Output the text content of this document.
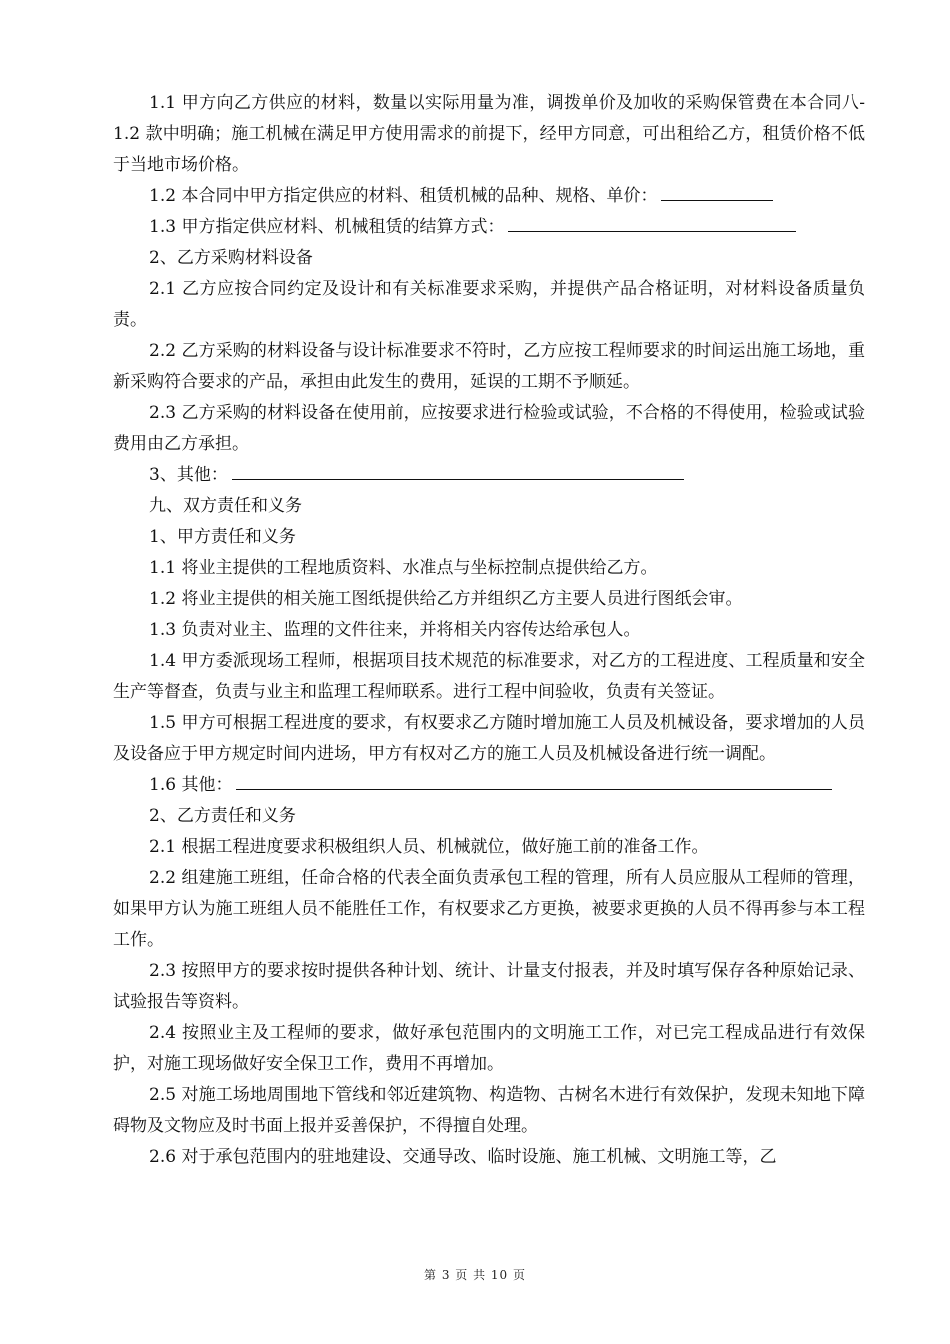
1.1 甲方向乙方供应的材料，数量以实际用量为准，调拨单价及加收的采购保管费在本合同八-1.2 款中明确；施工机械在满足甲方使用需求的前提下，经甲方同意，可出租给乙方，租赁价格不低于当地市场价格。

1.2 本合同中甲方指定供应的材料、租赁机械的品种、规格、单价：

1.3 甲方指定供应材料、机械租赁的结算方式：

2、乙方采购材料设备

2.1 乙方应按合同约定及设计和有关标准要求采购，并提供产品合格证明，对材料设备质量负责。

2.2 乙方采购的材料设备与设计标准要求不符时，乙方应按工程师要求的时间运出施工场地，重新采购符合要求的产品，承担由此发生的费用，延误的工期不予顺延。

2.3 乙方采购的材料设备在使用前，应按要求进行检验或试验，不合格的不得使用，检验或试验费用由乙方承担。

3、其他：

九、双方责任和义务

1、甲方责任和义务

1.1 将业主提供的工程地质资料、水准点与坐标控制点提供给乙方。

1.2 将业主提供的相关施工图纸提供给乙方并组织乙方主要人员进行图纸会审。

1.3 负责对业主、监理的文件往来，并将相关内容传达给承包人。

1.4 甲方委派现场工程师，根据项目技术规范的标准要求，对乙方的工程进度、工程质量和安全生产等督查，负责与业主和监理工程师联系。进行工程中间验收，负责有关签证。

1.5 甲方可根据工程进度的要求，有权要求乙方随时增加施工人员及机械设备，要求增加的人员及设备应于甲方规定时间内进场，甲方有权对乙方的施工人员及机械设备进行统一调配。

1.6 其他：

2、乙方责任和义务

2.1 根据工程进度要求积极组织人员、机械就位，做好施工前的准备工作。

2.2 组建施工班组，任命合格的代表全面负责承包工程的管理，所有人员应服从工程师的管理，如果甲方认为施工班组人员不能胜任工作，有权要求乙方更换，被要求更换的人员不得再参与本工程工作。

2.3 按照甲方的要求按时提供各种计划、统计、计量支付报表，并及时填写保存各种原始记录、试验报告等资料。

2.4 按照业主及工程师的要求，做好承包范围内的文明施工工作，对已完工程成品进行有效保护，对施工现场做好安全保卫工作，费用不再增加。

2.5 对施工场地周围地下管线和邻近建筑物、构造物、古树名木进行有效保护，发现未知地下障碍物及文物应及时书面上报并妥善保护，不得擅自处理。

2.6 对于承包范围内的驻地建设、交通导改、临时设施、施工机械、文明施工等，乙

第 3 页 共 10 页
